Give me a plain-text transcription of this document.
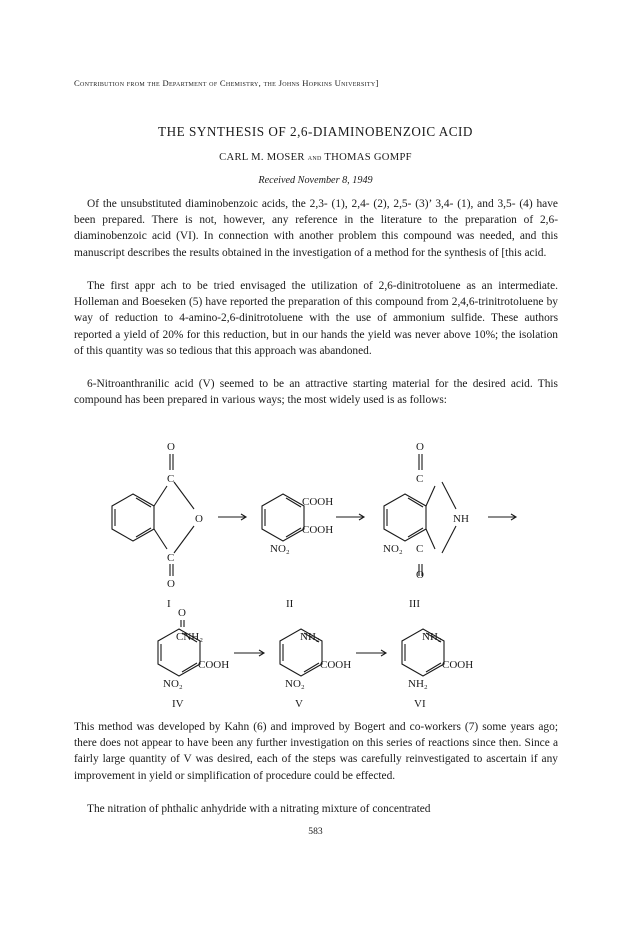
Contribution from the Department of Chemistry, the Johns Hopkins University]
THE SYNTHESIS OF 2,6-DIAMINOBENZOIC ACID
CARL M. MOSER and THOMAS GOMPF
Received November 8, 1949

Of the unsubstituted diaminobenzoic acids, the 2,3- (1), 2,4- (2), 2,5- (3)’ 3,4- (1), and 3,5- (4) have been prepared. There is not, however, any reference in the literature to the preparation of 2,6-diaminobenzoic acid (VI). In connection with another problem this compound was needed, and this manuscript describes the results obtained in the investigation of a method for the synthesis of [this acid.

The first appr ach to be tried envisaged the utilization of 2,6-dinitrotoluene as an intermediate. Holleman and Boeseken (5) have reported the preparation of this compound from 2,4,6-trinitrotoluene by way of reduction to 4-amino-2,6-dinitrotoluene with the use of ammonium sulfide. These authors reported a yield of 20% for this reduction, but in our hands the yield was never above 10%; the isolation of this quantity was so tedious that this approach was abandoned.

6-Nitroanthranilic acid (V) seemed to be an attractive starting material for the desired acid. This compound has been prepared in various ways; the most widely used is as follows:

O
C
O
C
O
I
COOH
COOH
NO₂
II
O
C
NH
NO₂ C
O
III
O
CNH₂
COOH
NO₂
IV
NH₂
COOH
NO₂
V
NH₂
COOH
NH₂
VI

This method was developed by Kahn (6) and improved by Bogert and co-workers (7) some years ago; there does not appear to have been any further investigation on this series of reactions since then. Since a fairly large quantity of V was desired, each of the steps was carefully reinvestigated to ascertain if any improvement in yield or simplification of procedure could be effected.

The nitration of phthalic anhydride with a nitrating mixture of concentrated

583
